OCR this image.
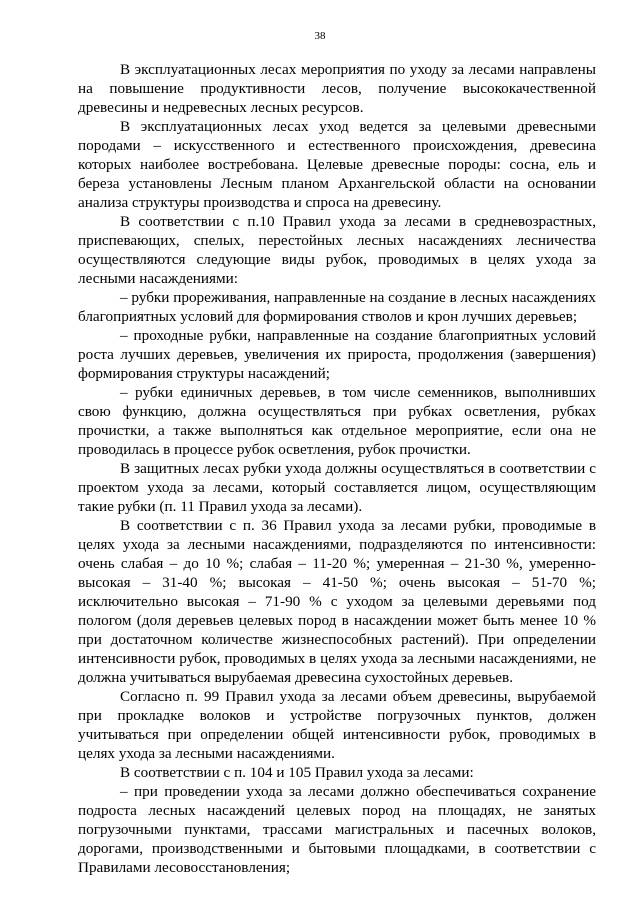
38

В эксплуатационных лесах мероприятия по уходу за лесами направлены на повышение продуктивности лесов, получение высококачественной древесины и недревесных лесных ресурсов.

В эксплуатационных лесах уход ведется за целевыми древесными породами – искусственного и естественного происхождения, древесина которых наиболее востребована. Целевые древесные породы: сосна, ель и береза установлены Лесным планом Архангельской области на основании анализа структуры производства и спроса на древесину.

В соответствии с п.10 Правил ухода за лесами в средневозрастных, приспевающих, спелых, перестойных лесных насаждениях лесничества осуществляются следующие виды рубок, проводимых в целях ухода за лесными насаждениями:

– рубки прореживания, направленные на создание в лесных насаждениях благоприятных условий для формирования стволов и крон лучших деревьев;

– проходные рубки, направленные на создание благоприятных условий роста лучших деревьев, увеличения их прироста, продолжения (завершения) формирования структуры насаждений;

– рубки единичных деревьев, в том числе семенников, выполнивших свою функцию, должна осуществляться при рубках осветления, рубках прочистки, а также выполняться как отдельное мероприятие, если она не проводилась в процессе рубок осветления, рубок прочистки.

В защитных лесах рубки ухода должны осуществляться в соответствии с проектом ухода за лесами, который составляется лицом, осуществляющим такие рубки (п. 11 Правил ухода за лесами).

В соответствии с п. 36 Правил ухода за лесами рубки, проводимые в целях ухода за лесными насаждениями, подразделяются по интенсивности: очень слабая – до 10 %; слабая – 11-20 %; умеренная – 21-30 %, умеренно-высокая – 31-40 %; высокая – 41-50 %; очень высокая – 51-70 %; исключительно высокая – 71-90 % с уходом за целевыми деревьями под пологом (доля деревьев целевых пород в насаждении может быть менее 10 % при достаточном количестве жизнеспособных растений). При определении интенсивности рубок, проводимых в целях ухода за лесными насаждениями, не должна учитываться вырубаемая древесина сухостойных деревьев.

Согласно п. 99 Правил ухода за лесами объем древесины, вырубаемой при прокладке волоков и устройстве погрузочных пунктов, должен учитываться при определении общей интенсивности рубок, проводимых в целях ухода за лесными насаждениями.

В соответствии с п. 104 и 105 Правил ухода за лесами:

– при проведении ухода за лесами должно обеспечиваться сохранение подроста лесных насаждений целевых пород на площадях, не занятых погрузочными пунктами, трассами магистральных и пасечных волоков, дорогами, производственными и бытовыми площадками, в соответствии с Правилами лесовосстановления;
